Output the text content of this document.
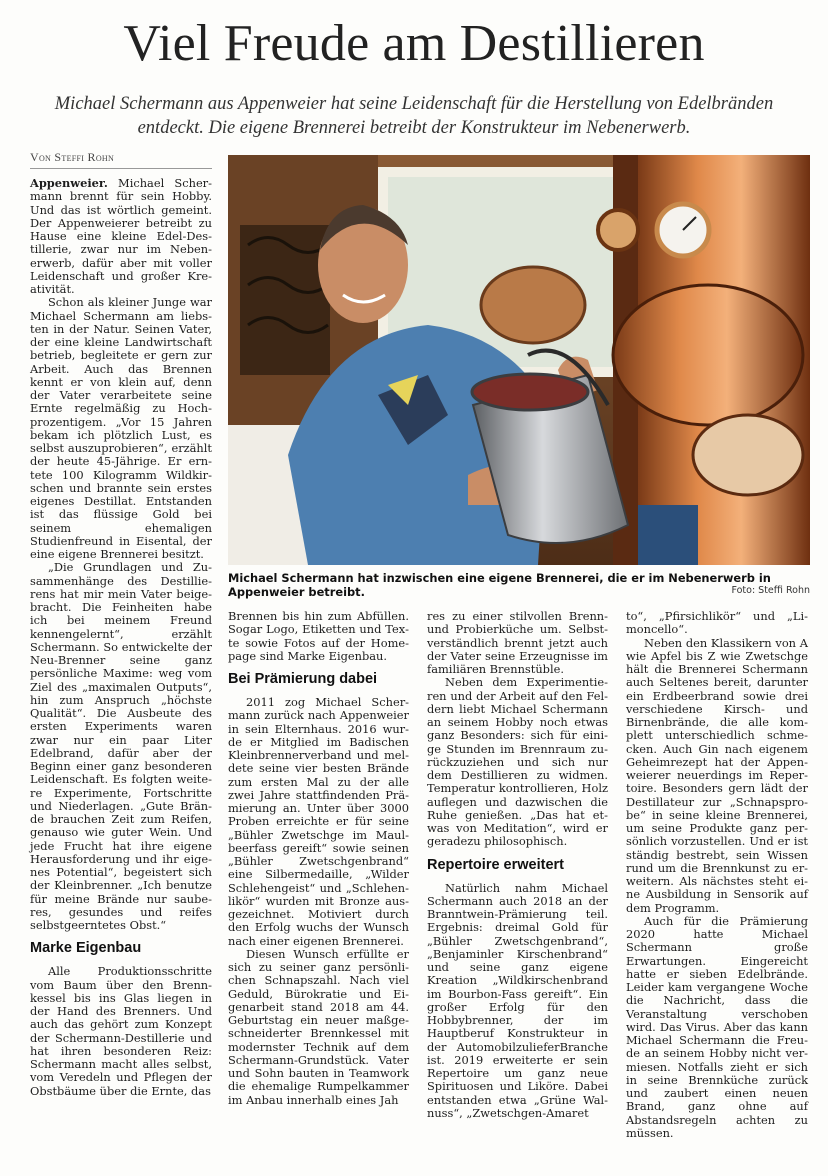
Viel Freude am Destillieren
Michael Schermann aus Appenweier hat seine Leidenschaft für die Herstellung von Edelbränden entdeckt. Die eigene Brennerei betreibt der Konstrukteur im Nebenerwerb.
Von Steffi Rohn

Appenweier. Michael Schermann brennt für sein Hobby. Und das ist wörtlich gemeint. Der Appenweierer betreibt zu Hause eine kleine Edel-Destillerie, zwar nur im Nebenerwerb, dafür aber mit voller Leidenschaft und großer Kreativität.

Schon als kleiner Junge war Michael Schermann am liebsten in der Natur. Seinen Vater, der eine kleine Landwirtschaft betrieb, begleitete er gern zur Arbeit. Auch das Brennen kennt er von klein auf, denn der Vater verarbeitete seine Ernte regelmäßig zu Hochprozentigem. „Vor 15 Jahren bekam ich plötzlich Lust, es selbst auszuprobieren“, erzählt der heute 45-Jährige. Er erntete 100 Kilogramm Wildkirschen und brannte sein erstes eigenes Destillat. Entstanden ist das flüssige Gold bei seinem ehemaligen Studienfreund in Eisental, der eine eigene Brennerei besitzt.

„Die Grundlagen und Zusammenhänge des Destillierens hat mir mein Vater beigebracht. Die Feinheiten habe ich bei meinem Freund kennengelernt“, erzählt Schermann. So entwickelte der Neu-Brenner seine ganz persönliche Maxime: weg vom Ziel des „maximalen Outputs“, hin zum Anspruch „höchste Qualität“. Die Ausbeute des ersten Experiments waren zwar nur ein paar Liter Edelbrand, dafür aber der Beginn einer ganz besonderen Leidenschaft. Es folgten weitere Experimente, Fortschritte und Niederlagen. „Gute Brände brauchen Zeit zum Reifen, genauso wie guter Wein. Und jede Frucht hat ihre eigene Herausforderung und ihr eigenes Potential“, begeistert sich der Kleinbrenner. „Ich benutze für meine Brände nur sauberes, gesundes und reifes selbstgeerntetes Obst.“

Marke Eigenbau

Alle Produktionsschritte vom Baum über den Brennkessel bis ins Glas liegen in der Hand des Brenners. Und auch das gehört zum Konzept der Schermann-Destillerie und hat ihren besonderen Reiz: Schermann macht alles selbst, vom Veredeln und Pflegen der Obstbäume über die Ernte, das

Michael Schermann hat inzwischen eine eigene Brennerei, die er im Nebenerwerb in Appenweier betreibt.	Foto: Steffi Rohn

Brennen bis hin zum Abfüllen. Sogar Logo, Etiketten und Texte sowie Fotos auf der Homepage sind Marke Eigenbau.

Bei Prämierung dabei

2011 zog Michael Schermann zurück nach Appenweier in sein Elternhaus. 2016 wurde er Mitglied im Badischen Kleinbrennerverband und meldete seine vier besten Brände zum ersten Mal zu der alle zwei Jahre stattfindenden Prämierung an. Unter über 3000 Proben erreichte er für seine „Bühler Zwetschge im Maulbeerfass gereift“ sowie seinen „Bühler Zwetschgenbrand“ eine Silbermedaille, „Wilder Schlehengeist“ und „Schlehenlikör“ wurden mit Bronze ausgezeichnet. Motiviert durch den Erfolg wuchs der Wunsch nach einer eigenen Brennerei.

Diesen Wunsch erfüllte er sich zu seiner ganz persönlichen Schnapszahl. Nach viel Geduld, Bürokratie und Eigenarbeit stand 2018 am 44. Geburtstag ein neuer maßgeschneiderter Brennkessel mit modernster Technik auf dem Schermann-Grundstück. Vater und Sohn bauten in Teamwork die ehemalige Rumpelkammer im Anbau innerhalb eines Jah

res zu einer stilvollen Brenn- und Probierküche um. Selbstverständlich brennt jetzt auch der Vater seine Erzeugnisse im familiären Brennstüble.

Neben dem Experimentieren und der Arbeit auf den Feldern liebt Michael Schermann an seinem Hobby noch etwas ganz Besonders: sich für einige Stunden im Brennraum zurückzuziehen und sich nur dem Destillieren zu widmen. Temperatur kontrollieren, Holz auflegen und dazwischen die Ruhe genießen. „Das hat etwas von Meditation“, wird er geradezu philosophisch.

Repertoire erweitert

Natürlich nahm Michael Schermann auch 2018 an der Branntwein-Prämierung teil. Ergebnis: dreimal Gold für „Bühler Zwetschgenbrand“, „Benjaminler Kirschenbrand“ und seine ganz eigene Kreation „Wildkirschenbrand im Bourbon-Fass gereift“. Ein großer Erfolg für den Hobbybrenner, der im Hauptberuf Konstrukteur in der AutomobilzulieferBranche ist. 2019 erweiterte er sein Repertoire um ganz neue Spirituosen und Liköre. Dabei entstanden etwa „Grüne Walnuss“, „Zwetschgen-Amaret

to“, „Pfirsichlikör“ und „Limoncello“.

Neben den Klassikern von A wie Apfel bis Z wie Zwetschge hält die Brennerei Schermann auch Seltenes bereit, darunter ein Erdbeerbrand sowie drei verschiedene Kirsch- und Birnenbrände, die alle komplett unterschiedlich schmecken. Auch Gin nach eigenem Geheimrezept hat der Appenweierer neuerdings im Repertoire. Besonders gern lädt der Destillateur zur „Schnapsprobe“ in seine kleine Brennerei, um seine Produkte ganz persönlich vorzustellen. Und er ist ständig bestrebt, sein Wissen rund um die Brennkunst zu erweitern. Als nächstes steht eine Ausbildung in Sensorik auf dem Programm.

Auch für die Prämierung 2020 hatte Michael Schermann große Erwartungen. Eingereicht hatte er sieben Edelbrände. Leider kam vergangene Woche die Nachricht, dass die Veranstaltung verschoben wird. Das Virus. Aber das kann Michael Schermann die Freude an seinem Hobby nicht vermiesen. Notfalls zieht er sich in seine Brennküche zurück und zaubert einen neuen Brand, ganz ohne auf Abstandsregeln achten zu müssen.
